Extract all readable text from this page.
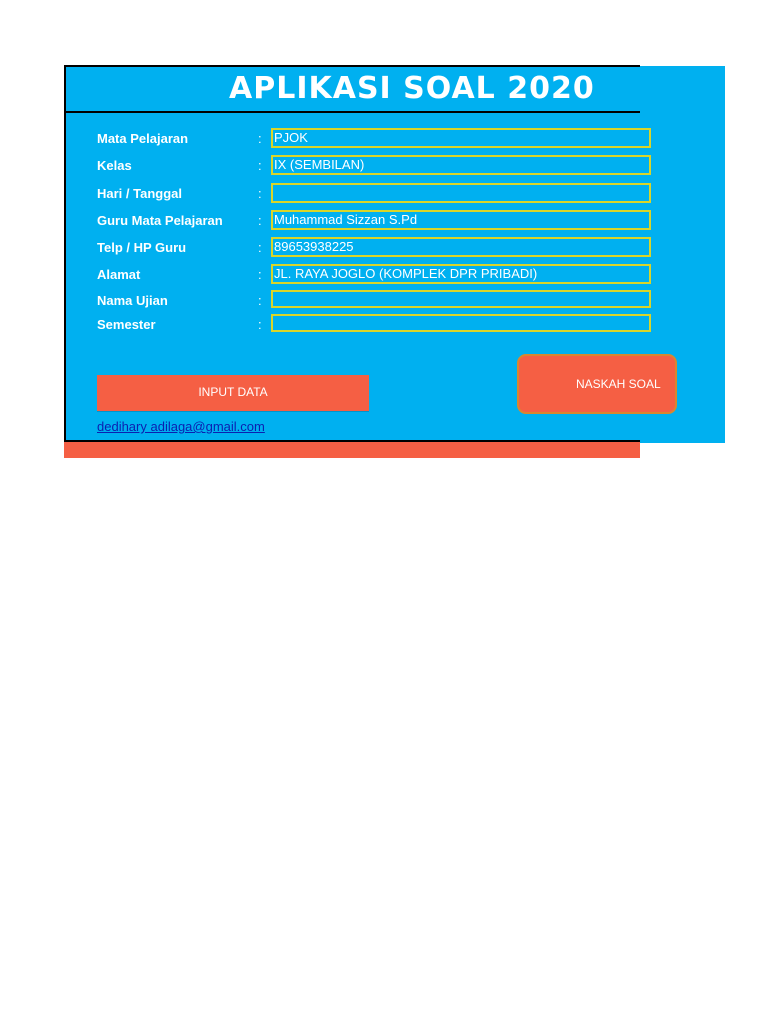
APLIKASI SOAL 2020
Mata Pelajaran	: PJOK
Kelas	: IX (SEMBILAN)
Hari / Tanggal	:
Guru Mata Pelajaran	: Muhammad Sizzan S.Pd
Telp / HP Guru	: 89653938225
Alamat	: JL. RAYA JOGLO (KOMPLEK DPR PRIBADI)
Nama Ujian	:
Semester	:
INPUT DATA
NASKAH SOAL
dedihary adilaga@gmail.com
